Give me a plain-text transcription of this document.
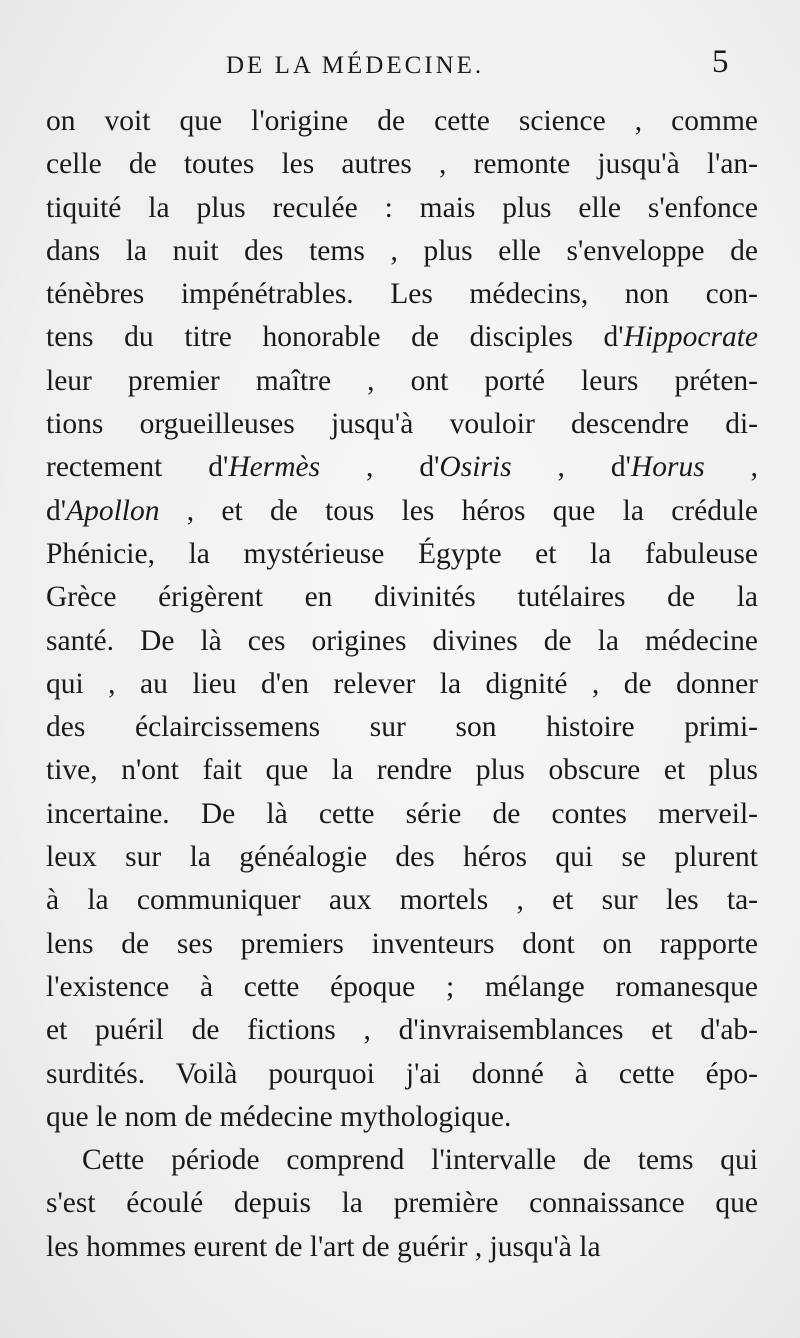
DE LA MÉDECINE.	5
on voit que l'origine de cette science , comme
celle de toutes les autres , remonte jusqu'à l'an-
tiquité la plus reculée : mais plus elle s'enfonce
dans la nuit des tems , plus elle s'enveloppe de
ténèbres impénétrables. Les médecins, non con-
tens du titre honorable de disciples d'Hippocrate
leur premier maître , ont porté leurs préten-
tions orgueilleuses jusqu'à vouloir descendre di-
rectement d'Hermès , d'Osiris , d'Horus ,
d'Apollon , et de tous les héros que la crédule
Phénicie, la mystérieuse Égypte et la fabuleuse
Grèce érigèrent en divinités tutélaires de la
santé. De là ces origines divines de la médecine
qui , au lieu d'en relever la dignité , de donner
des éclaircissemens sur son histoire primi-
tive, n'ont fait que la rendre plus obscure et plus
incertaine. De là cette série de contes merveil-
leux sur la généalogie des héros qui se plurent
à la communiquer aux mortels , et sur les ta-
lens de ses premiers inventeurs dont on rapporte
l'existence à cette époque ; mélange romanesque
et puéril de fictions , d'invraisemblances et d'ab-
surdités. Voilà pourquoi j'ai donné à cette épo-
que le nom de médecine mythologique.
Cette période comprend l'intervalle de tems qui
s'est écoulé depuis la première connaissance que
les hommes eurent de l'art de guérir , jusqu'à la
